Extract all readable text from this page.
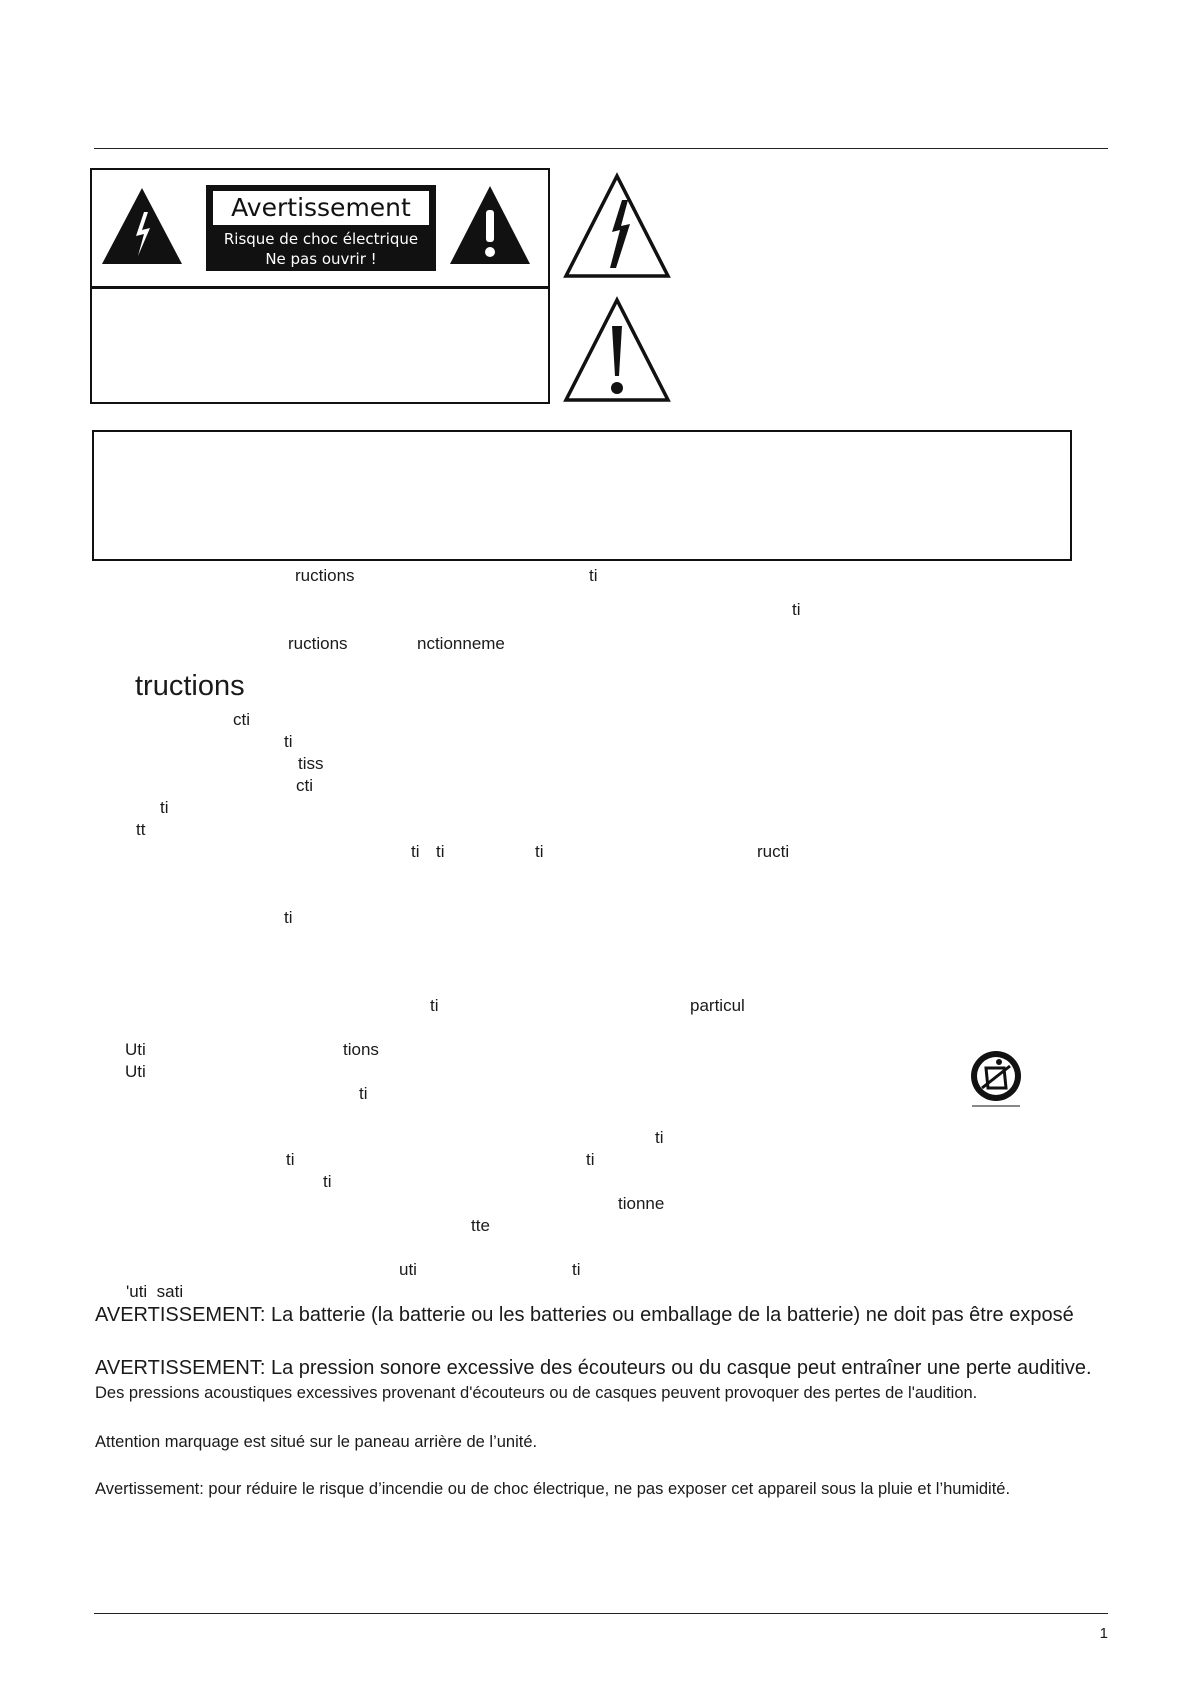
Avertissement
Risque de choc électrique
Ne pas ouvrir !
ructions	ti
ti
ructions	nctionneme
tructions
cti
ti
tiss
cti
ti
tt
ti ti	ti	ructi
ti
ti	particul
Uti	tions
Uti
ti
ti
ti	ti
ti
tionne
tte
uti	ti
'uti  sati
AVERTISSEMENT: La batterie (la batterie ou les batteries ou emballage de la batterie) ne doit pas être exposé
AVERTISSEMENT: La pression sonore excessive des écouteurs ou du casque peut entraîner une perte auditive.
Des pressions acoustiques excessives provenant d'écouteurs ou de casques peuvent provoquer des pertes de l'audition.
Attention marquage est situé sur le paneau arrière de l’unité.
Avertissement: pour réduire le risque d’incendie ou de choc électrique, ne pas exposer cet appareil sous la pluie et l’humidité.
1
